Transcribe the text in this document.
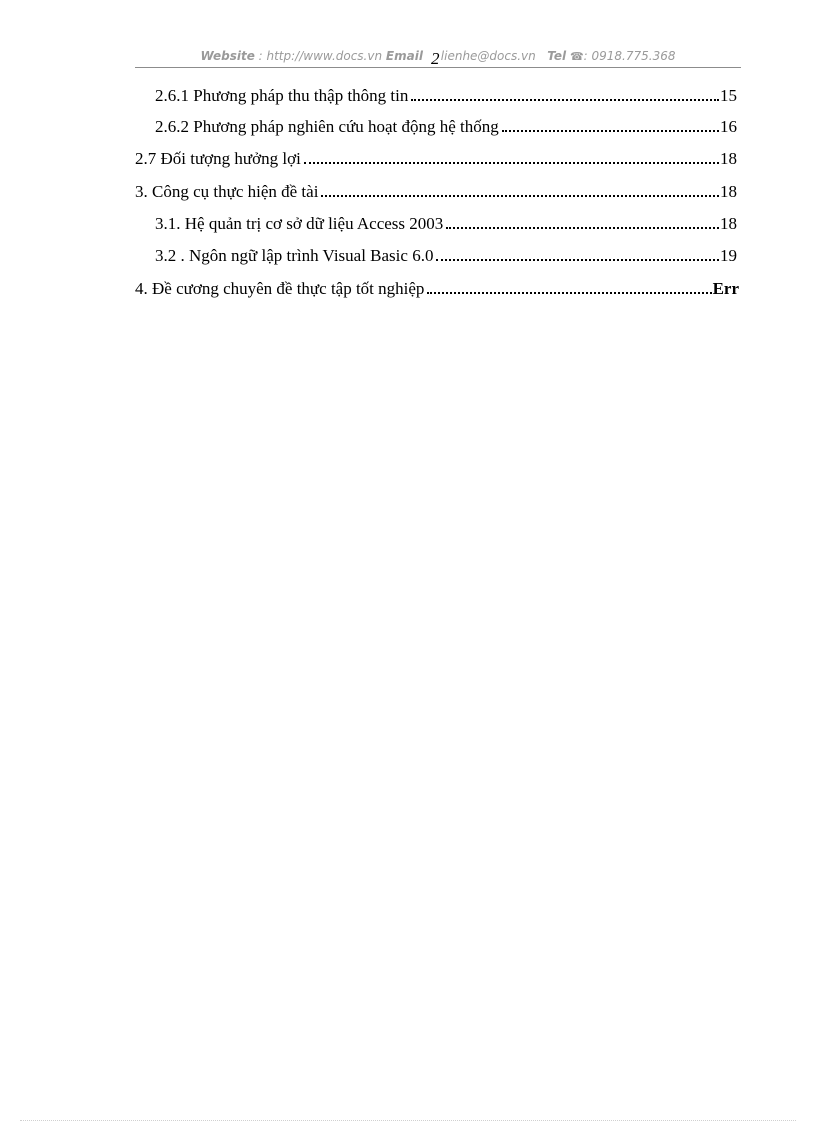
Website : http://www.docs.vn Email lienhe@docs.vn Tel ☎: 0918.775.368
2
2.6.1 Phương pháp thu thập thông tin	15
2.6.2 Phương pháp nghiên cứu hoạt động hệ thống	16
2.7 Đối tượng hưởng lợi	18
3. Công cụ thực hiện đề tài	18
3.1. Hệ quản trị cơ sở dữ liệu Access 2003	18
3.2 . Ngôn ngữ lập trình Visual Basic 6.0	19
4. Đề cương chuyên đề thực tập tốt nghiệp	Err
